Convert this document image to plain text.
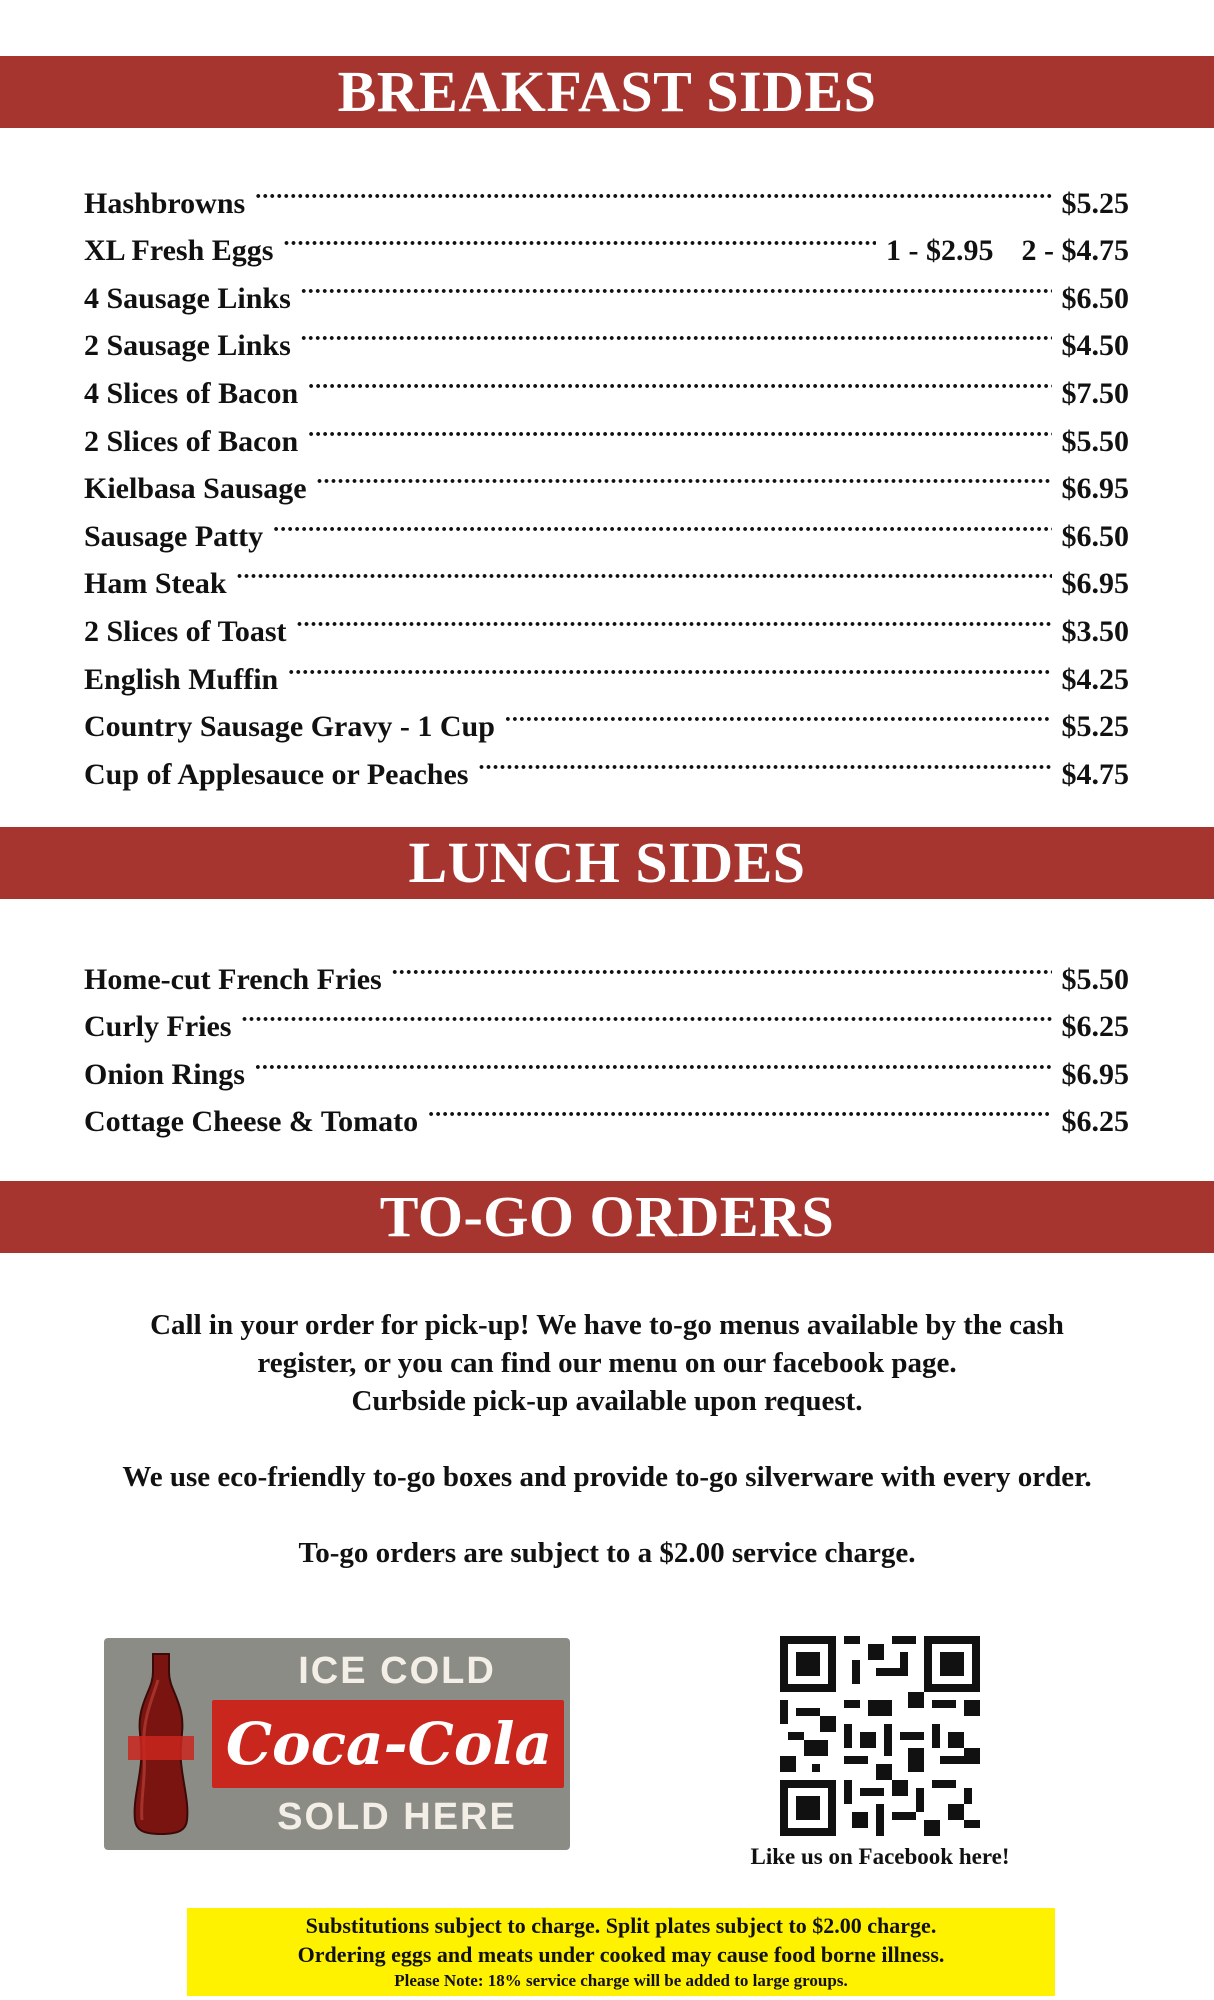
BREAKFAST SIDES
Hashbrowns .....	$5.25
XL Fresh Eggs .....	1 - $2.95 2 - $4.75
4 Sausage Links .....	$6.50
2 Sausage Links .....	$4.50
4 Slices of Bacon .....	$7.50
2 Slices of Bacon .....	$5.50
Kielbasa Sausage .....	$6.95
Sausage Patty .....	$6.50
Ham Steak .....	$6.95
2 Slices of Toast .....	$3.50
English Muffin .....	$4.25
Country Sausage Gravy - 1 Cup .....	$5.25
Cup of Applesauce or Peaches .....	$4.75
LUNCH SIDES
Home-cut French Fries .....	$5.50
Curly Fries .....	$6.25
Onion Rings .....	$6.95
Cottage Cheese & Tomato .....	$6.25
TO-GO ORDERS

Call in your order for pick-up! We have to-go menus available by the cash

register, or you can find our menu on our facebook page.

Curbside pick-up available upon request.

We use eco-friendly to-go boxes and provide to-go silverware with every order.

To-go orders are subject to a $2.00 service charge.

ICE COLD
Coca-Cola
SOLD HERE
Like us on Facebook here!
Substitutions subject to charge. Split plates subject to $2.00 charge.
Ordering eggs and meats under cooked may cause food borne illness.
Please Note: 18% service charge will be added to large groups.
